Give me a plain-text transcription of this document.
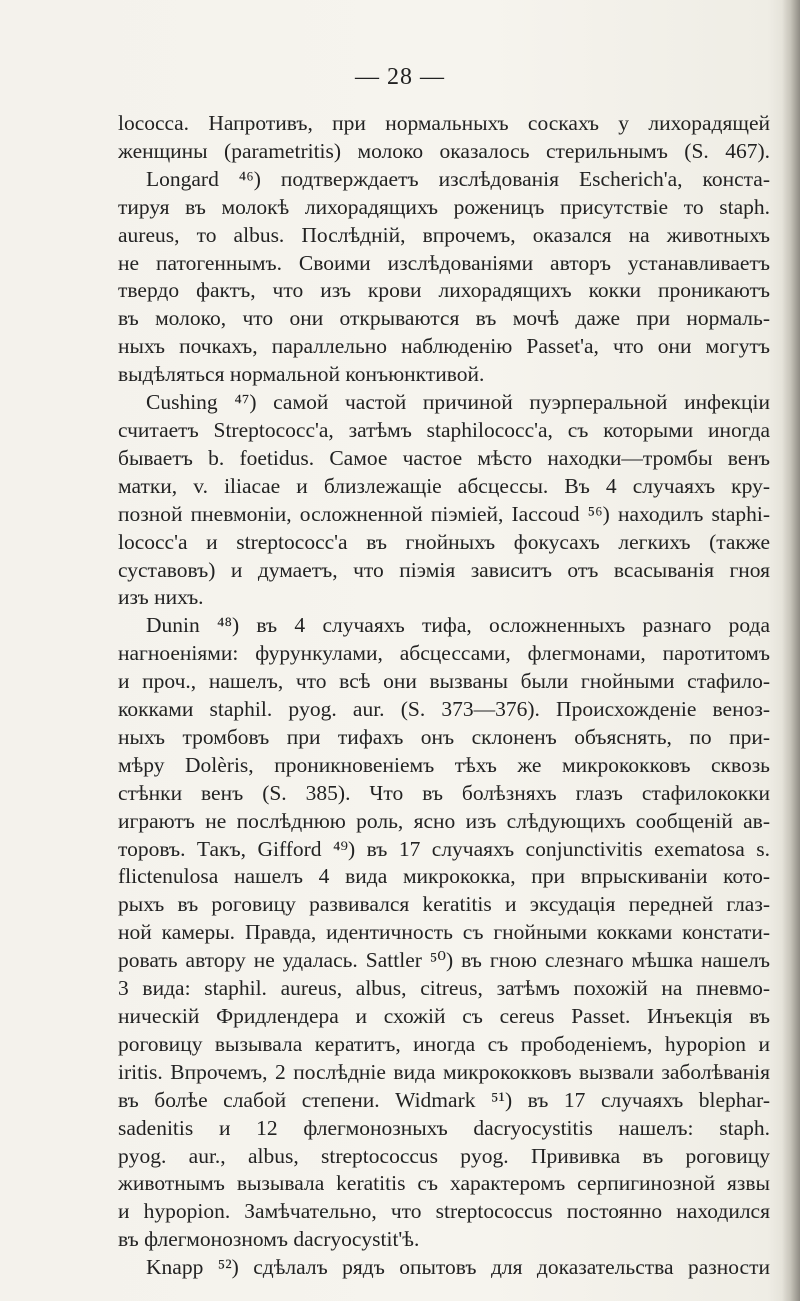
— 28 —
lococca. Напротивъ, при нормальныхъ соскахъ у лихорадящей
женщины (parametritis) молоко оказалось стерильнымъ (S. 467).
Longard ⁴⁶) подтверждаетъ изслѣдованія Escherich'а, конста-
тируя въ молокѣ лихорадящихъ роженицъ присутствіе то staph.
aureus, то albus. Послѣдній, впрочемъ, оказался на животныхъ
не патогеннымъ. Своими изслѣдованіями авторъ устанавливаетъ
твердо фактъ, что изъ крови лихорадящихъ кокки проникаютъ
въ молоко, что они открываются въ мочѣ даже при нормаль-
ныхъ почкахъ, параллельно наблюденію Passet'а, что они могутъ
выдѣляться нормальной конъюнктивой.
Cushing ⁴⁷) самой частой причиной пуэрперальной инфекціи
считаетъ Streptococc'а, затѣмъ staphilococc'а, съ которыми иногда
бываетъ b. foetidus. Самое частое мѣсто находки—тромбы венъ
матки, v. iliacae и близлежащіе абсцессы. Въ 4 случаяхъ кру-
позной пневмоніи, осложненной піэміей, Iaccoud ⁵⁶) находилъ staphi-
lococc'а и streptococc'а въ гнойныхъ фокусахъ легкихъ (также
суставовъ) и думаетъ, что піэмія зависитъ отъ всасыванія гноя
изъ нихъ.
Dunin ⁴⁸) въ 4 случаяхъ тифа, осложненныхъ разнаго рода
нагноеніями: фурункулами, абсцессами, флегмонами, паротитомъ
и проч., нашелъ, что всѣ они вызваны были гнойными стафило-
кокками staphil. pyog. aur. (S. 373—376). Происхожденіе веноз-
ныхъ тромбовъ при тифахъ онъ склоненъ объяснять, по при-
мѣру Dolèris, проникновеніемъ тѣхъ же микрококковъ сквозь
стѣнки венъ (S. 385). Что въ болѣзняхъ глазъ стафилококки
играютъ не послѣднюю роль, ясно изъ слѣдующихъ сообщеній ав-
торовъ. Такъ, Gifford ⁴⁹) въ 17 случаяхъ conjunctivitis exematosa s.
flictenulosa нашелъ 4 вида микрококка, при впрыскиваніи кото-
рыхъ въ роговицу развивался keratitis и эксудація передней глаз-
ной камеры. Правда, идентичность съ гнойными кокками констати-
ровать автору не удалась. Sattler ⁵⁰) въ гною слезнаго мѣшка нашелъ
3 вида: staphil. aureus, albus, citreus, затѣмъ похожій на пневмо-
ническій Фридлендера и схожій съ cereus Passet. Инъекція въ
роговицу вызывала кератитъ, иногда съ прободеніемъ, hypopion и
iritis. Впрочемъ, 2 послѣдніе вида микрококковъ вызвали заболѣванія
въ болѣе слабой степени. Widmark ⁵¹) въ 17 случаяхъ blephar-
sadenitis и 12 флегмонозныхъ dacryocystitis нашелъ: staph.
pyog. aur., albus, streptococcus pyog. Прививка въ роговицу
животнымъ вызывала keratitis съ характеромъ серпигинозной язвы
и hypopion. Замѣчательно, что streptococcus постоянно находился
въ флегмонозномъ dacryocystit'ѣ.
Knapp ⁵²) сдѣлалъ рядъ опытовъ для доказательства разности
